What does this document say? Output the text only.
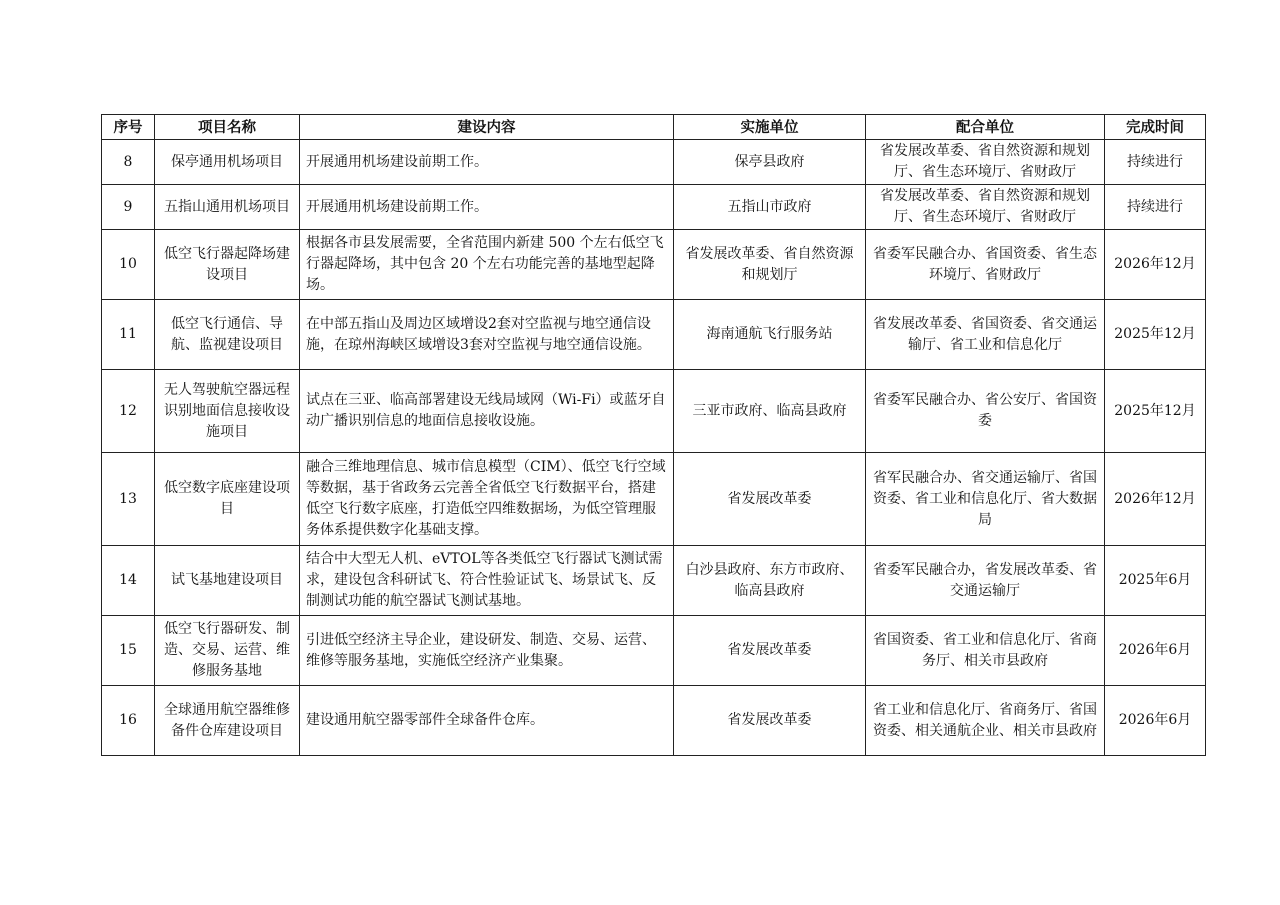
序号	项目名称	建设内容	实施单位	配合单位	完成时间
8	保亭通用机场项目	开展通用机场建设前期工作。	保亭县政府	省发展改革委、省自然资源和规划厅、省生态环境厅、省财政厅	持续进行
9	五指山通用机场项目	开展通用机场建设前期工作。	五指山市政府	省发展改革委、省自然资源和规划厅、省生态环境厅、省财政厅	持续进行
10	低空飞行器起降场建设项目	根据各市县发展需要，全省范围内新建 500 个左右低空飞行器起降场，其中包含 20 个左右功能完善的基地型起降场。	省发展改革委、省自然资源和规划厅	省委军民融合办、省国资委、省生态环境厅、省财政厅	2026年12月
11	低空飞行通信、导航、监视建设项目	在中部五指山及周边区域增设2套对空监视与地空通信设施，在琼州海峡区域增设3套对空监视与地空通信设施。	海南通航飞行服务站	省发展改革委、省国资委、省交通运输厅、省工业和信息化厅	2025年12月
12	无人驾驶航空器远程识别地面信息接收设施项目	试点在三亚、临高部署建设无线局域网（Wi-Fi）或蓝牙自动广播识别信息的地面信息接收设施。	三亚市政府、临高县政府	省委军民融合办、省公安厅、省国资委	2025年12月
13	低空数字底座建设项目	融合三维地理信息、城市信息模型（CIM）、低空飞行空域等数据，基于省政务云完善全省低空飞行数据平台，搭建低空飞行数字底座，打造低空四维数据场，为低空管理服务体系提供数字化基础支撑。	省发展改革委	省军民融合办、省交通运输厅、省国资委、省工业和信息化厅、省大数据局	2026年12月
14	试飞基地建设项目	结合中大型无人机、eVTOL等各类低空飞行器试飞测试需求，建设包含科研试飞、符合性验证试飞、场景试飞、反制测试功能的航空器试飞测试基地。	白沙县政府、东方市政府、临高县政府	省委军民融合办，省发展改革委、省交通运输厅	2025年6月
15	低空飞行器研发、制造、交易、运营、维修服务基地	引进低空经济主导企业，建设研发、制造、交易、运营、维修等服务基地，实施低空经济产业集聚。	省发展改革委	省国资委、省工业和信息化厅、省商务厅、相关市县政府	2026年6月
16	全球通用航空器维修备件仓库建设项目	建设通用航空器零部件全球备件仓库。	省发展改革委	省工业和信息化厅、省商务厅、省国资委、相关通航企业、相关市县政府	2026年6月
